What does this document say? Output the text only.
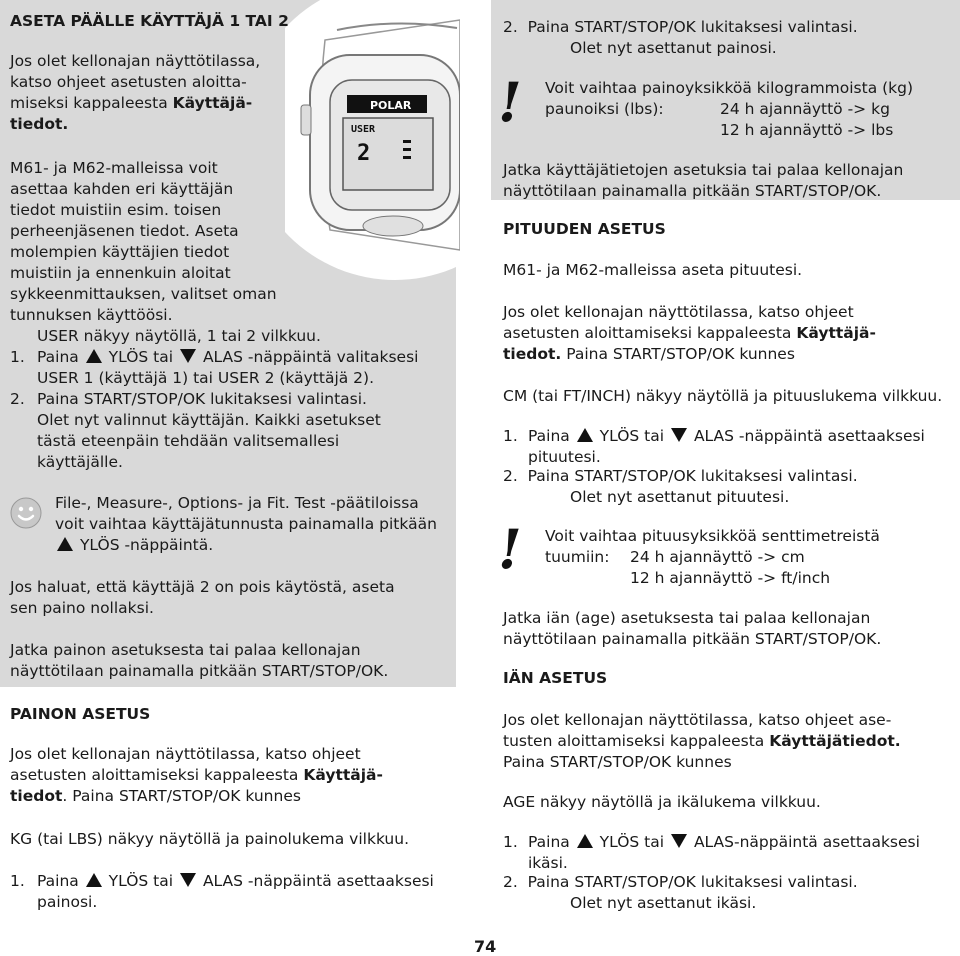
POLAR
USER
2
ASETA PÄÄLLE KÄYTTÄJÄ 1 TAI 2
Jos olet kellonajan näyttötilassa,
katso ohjeet asetusten aloitta-
miseksi kappaleesta Käyttäjä-
tiedot.
M61- ja M62-malleissa voit
asettaa kahden eri käyttäjän
tiedot muistiin esim. toisen
perheenjäsenen tiedot. Aseta
molempien käyttäjien tiedot
muistiin ja ennenkuin aloitat
sykkeenmittauksen, valitset oman
tunnuksen käyttöösi.
USER näkyy näytöllä, 1 tai 2 vilkkuu.
1. Paina YLÖS tai ALAS -näppäintä valitaksesi
USER 1 (käyttäjä 1) tai USER 2 (käyttäjä 2).
2. Paina START/STOP/OK lukitaksesi valintasi.
Olet nyt valinnut käyttäjän. Kaikki asetukset
tästä eteenpäin tehdään valitsemallesi
käyttäjälle.
File-, Measure-, Options- ja Fit. Test -päätiloissa
voit vaihtaa käyttäjätunnusta painamalla pitkään
YLÖS -näppäintä.
Jos haluat, että käyttäjä 2 on pois käytöstä, aseta
sen paino nollaksi.
Jatka painon asetuksesta tai palaa kellonajan
näyttötilaan painamalla pitkään START/STOP/OK.
PAINON ASETUS
Jos olet kellonajan näyttötilassa, katso ohjeet
asetusten aloittamiseksi kappaleesta Käyttäjä-
tiedot. Paina START/STOP/OK kunnes
KG (tai LBS) näkyy näytöllä ja painolukema vilkkuu.
1. Paina YLÖS tai ALAS -näppäintä asettaaksesi
painosi.
2.  Paina START/STOP/OK lukitaksesi valintasi.
Olet nyt asettanut painosi.
! Voit vaihtaa painoyksikköä kilogrammoista (kg)
paunoiksi (lbs):	24 h ajannäyttö -> kg
12 h ajannäyttö -> lbs
Jatka käyttäjätietojen asetuksia tai palaa kellonajan
näyttötilaan painamalla pitkään START/STOP/OK.
PITUUDEN ASETUS
M61- ja M62-malleissa aseta pituutesi.
Jos olet kellonajan näyttötilassa, katso ohjeet
asetusten aloittamiseksi kappaleesta Käyttäjä-
tiedot. Paina START/STOP/OK kunnes
CM (tai FT/INCH) näkyy näytöllä ja pituuslukema vilkkuu.
1. Paina YLÖS tai ALAS -näppäintä asettaaksesi
pituutesi.
2.  Paina START/STOP/OK lukitaksesi valintasi.
Olet nyt asettanut pituutesi.
! Voit vaihtaa pituusyksikköä senttimetreistä
tuumiin: 24 h ajannäyttö -> cm
12 h ajannäyttö -> ft/inch
Jatka iän (age) asetuksesta tai palaa kellonajan
näyttötilaan painamalla pitkään START/STOP/OK.
IÄN ASETUS
Jos olet kellonajan näyttötilassa, katso ohjeet ase-
tusten aloittamiseksi kappaleesta Käyttäjätiedot.
Paina START/STOP/OK kunnes
AGE näkyy näytöllä ja ikälukema vilkkuu.
1. Paina YLÖS tai ALAS-näppäintä asettaaksesi
ikäsi.
2.  Paina START/STOP/OK lukitaksesi valintasi.
Olet nyt asettanut ikäsi.
74
